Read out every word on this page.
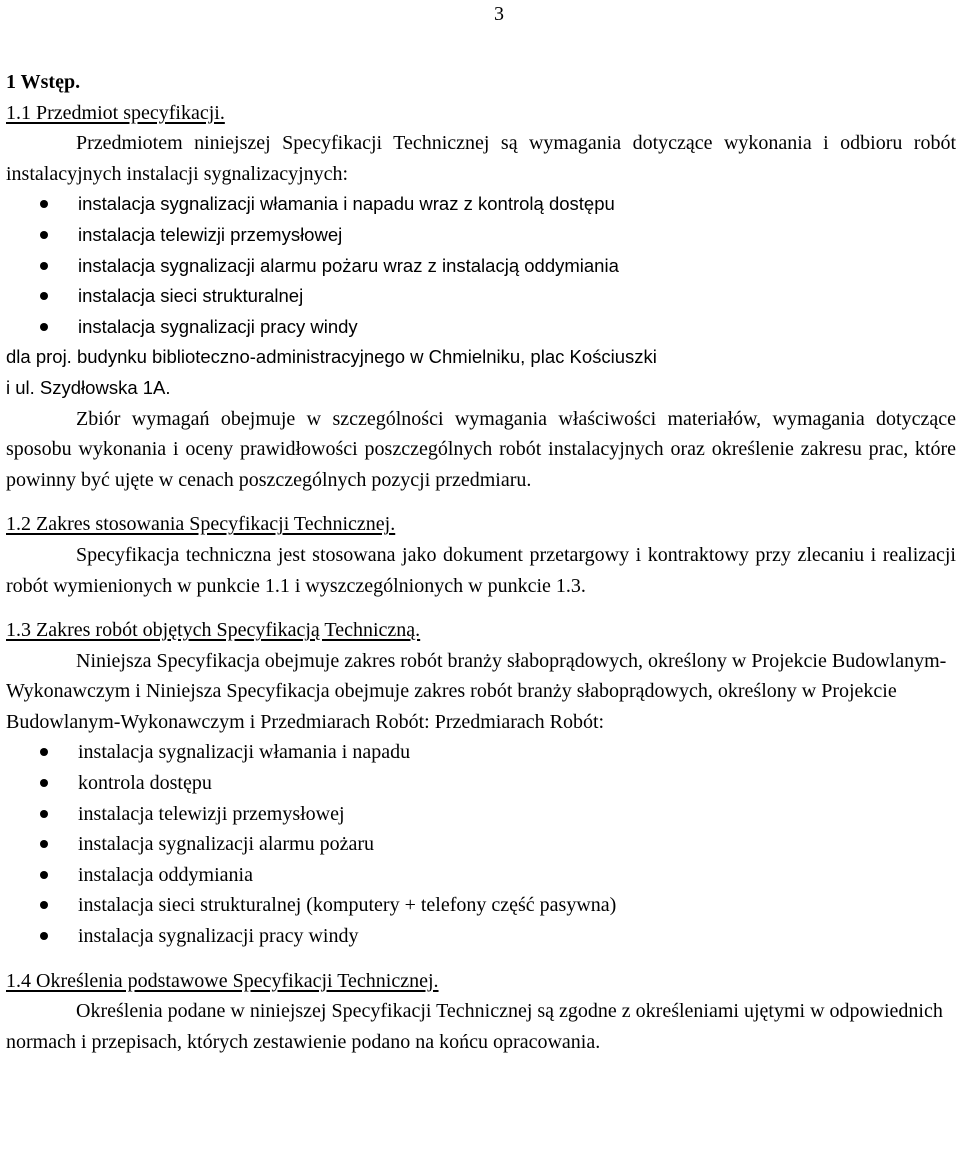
3

1 Wstęp.

1.1 Przedmiot specyfikacji.

Przedmiotem niniejszej Specyfikacji Technicznej są wymagania dotyczące wykonania i odbioru robót instalacyjnych instalacji sygnalizacyjnych:

instalacja sygnalizacji włamania i napadu wraz z kontrolą dostępu
instalacja telewizji przemysłowej
instalacja sygnalizacji alarmu pożaru wraz z instalacją oddymiania
instalacja sieci strukturalnej
instalacja sygnalizacji pracy windy

dla proj. budynku biblioteczno-administracyjnego w Chmielniku, plac Kościuszki

i ul. Szydłowska 1A.

Zbiór wymagań obejmuje w szczególności wymagania właściwości materiałów, wymagania dotyczące sposobu wykonania i oceny prawidłowości poszczególnych robót instalacyjnych oraz określenie zakresu prac, które powinny być ujęte w cenach poszczególnych pozycji przedmiaru.

1.2 Zakres stosowania Specyfikacji Technicznej.

Specyfikacja techniczna jest stosowana jako dokument przetargowy i kontraktowy przy zlecaniu i realizacji robót wymienionych w punkcie 1.1 i wyszczególnionych w punkcie 1.3.

1.3 Zakres robót objętych Specyfikacją Techniczną.

Niniejsza Specyfikacja obejmuje zakres robót branży słaboprądowych, określony w Projekcie Budowlanym-Wykonawczym i Niniejsza Specyfikacja obejmuje zakres robót branży słaboprądowych, określony w Projekcie Budowlanym-Wykonawczym i Przedmiarach Robót: Przedmiarach Robót:

instalacja sygnalizacji włamania i napadu
kontrola dostępu
instalacja telewizji przemysłowej
instalacja sygnalizacji alarmu pożaru
instalacja oddymiania
instalacja sieci strukturalnej (komputery + telefony część pasywna)
instalacja sygnalizacji pracy windy

1.4 Określenia podstawowe Specyfikacji Technicznej.

Określenia podane w niniejszej Specyfikacji Technicznej są zgodne z określeniami ujętymi w odpowiednich normach i przepisach, których zestawienie podano na końcu opracowania.
